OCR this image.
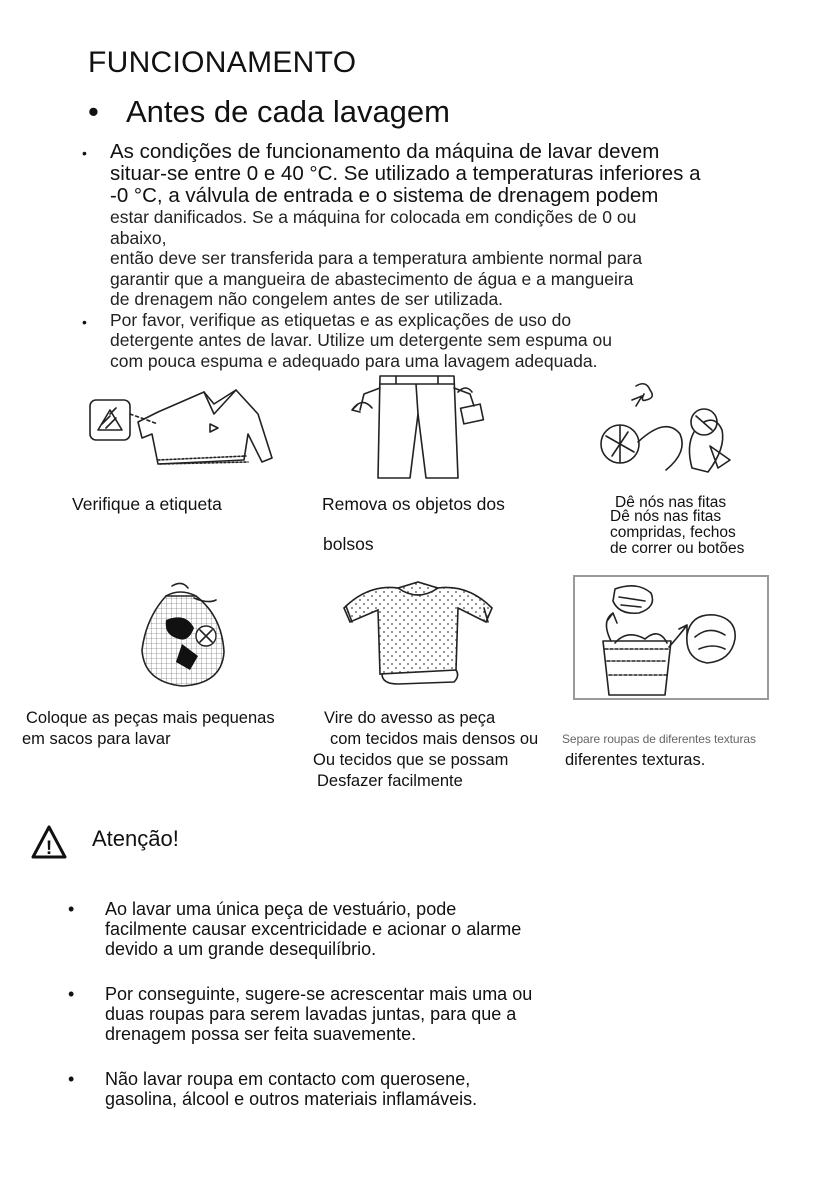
FUNCIONAMENTO
• Antes de cada lavagem
• As condições de funcionamento da máquina de lavar devem
situar-se entre 0 e 40 °C. Se utilizado a temperaturas inferiores a
-0 °C, a válvula de entrada e o sistema de drenagem podem
estar danificados. Se a máquina for colocada em condições de 0 ou
abaixo,
então deve ser transferida para a temperatura ambiente normal para
garantir que a mangueira de abastecimento de água e a mangueira
de drenagem não congelem antes de ser utilizada.
• Por favor, verifique as etiquetas e as explicações de uso do
detergente antes de lavar. Utilize um detergente sem espuma ou
com pouca espuma e adequado para uma lavagem adequada.
Verifique a etiqueta	Remova os objetos dos
bolsos
Dê nós nas fitas
Dê nós nas fitas
compridas, fechos
de correr ou botões
Coloque as peças mais pequenas
em sacos para lavar
Vire do avesso as peça
com tecidos mais densos ou
Ou tecidos que se possam
Desfazer facilmente
Separe roupas de diferentes texturas
diferentes texturas.
! Atenção!
• Ao lavar uma única peça de vestuário, pode
facilmente causar excentricidade e acionar o alarme
devido a um grande desequilíbrio.
• Por conseguinte, sugere-se acrescentar mais uma ou
duas roupas para serem lavadas juntas, para que a
drenagem possa ser feita suavemente.
• Não lavar roupa em contacto com querosene,
gasolina, álcool e outros materiais inflamáveis.
